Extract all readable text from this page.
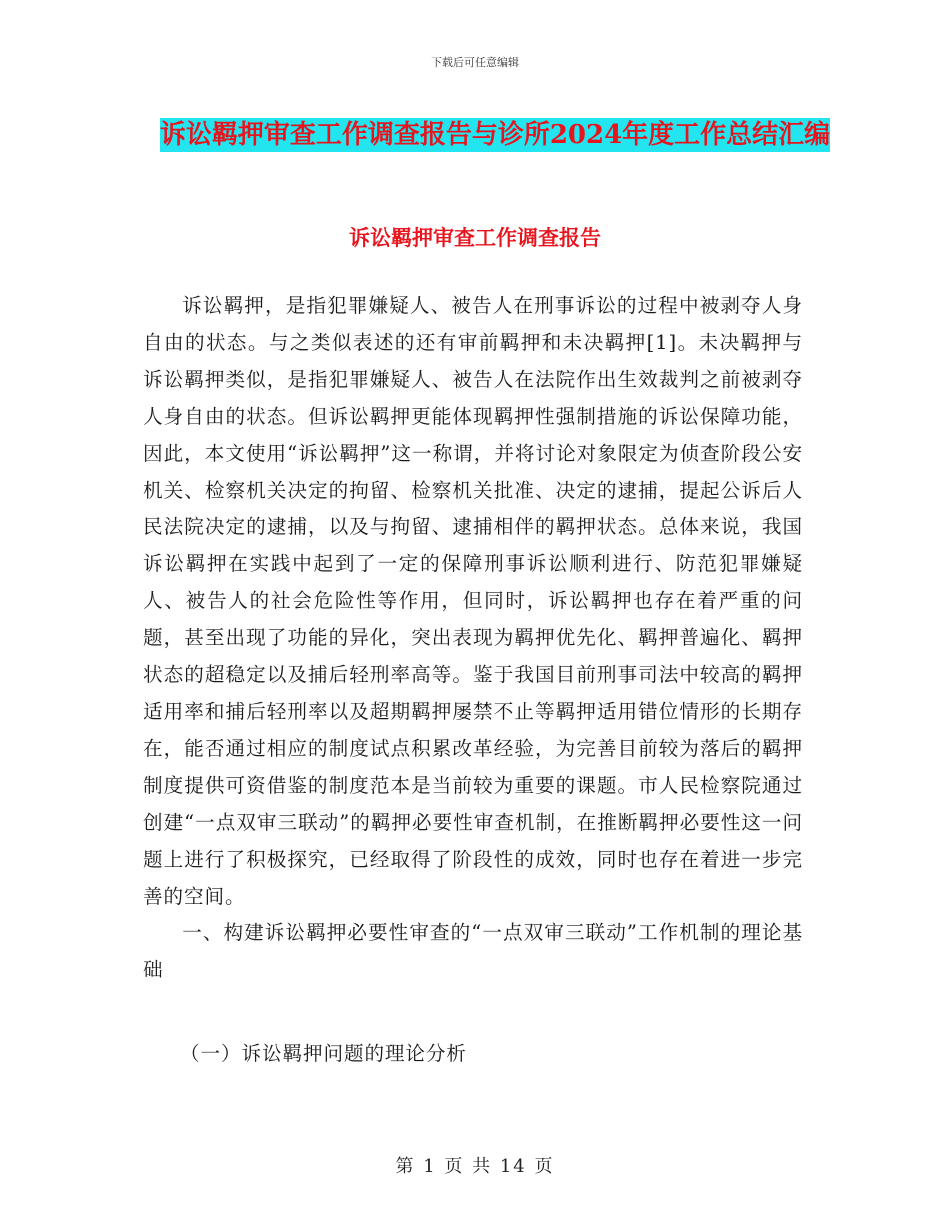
下载后可任意编辑
诉讼羁押审查工作调查报告与诊所2024年度工作总结汇编
诉讼羁押审查工作调查报告

诉讼羁押，是指犯罪嫌疑人、被告人在刑事诉讼的过程中被剥夺人身自由的状态。与之类似表述的还有审前羁押和未决羁押[1]。未决羁押与诉讼羁押类似，是指犯罪嫌疑人、被告人在法院作出生效裁判之前被剥夺人身自由的状态。但诉讼羁押更能体现羁押性强制措施的诉讼保障功能，因此，本文使用“诉讼羁押”这一称谓，并将讨论对象限定为侦查阶段公安机关、检察机关决定的拘留、检察机关批准、决定的逮捕，提起公诉后人民法院决定的逮捕，以及与拘留、逮捕相伴的羁押状态。总体来说，我国诉讼羁押在实践中起到了一定的保障刑事诉讼顺利进行、防范犯罪嫌疑人、被告人的社会危险性等作用，但同时，诉讼羁押也存在着严重的问题，甚至出现了功能的异化，突出表现为羁押优先化、羁押普遍化、羁押状态的超稳定以及捕后轻刑率高等。鉴于我国目前刑事司法中较高的羁押适用率和捕后轻刑率以及超期羁押屡禁不止等羁押适用错位情形的长期存在，能否通过相应的制度试点积累改革经验，为完善目前较为落后的羁押制度提供可资借鉴的制度范本是当前较为重要的课题。市人民检察院通过创建“一点双审三联动”的羁押必要性审查机制，在推断羁押必要性这一问题上进行了积极探究，已经取得了阶段性的成效，同时也存在着进一步完善的空间。

一、构建诉讼羁押必要性审查的“一点双审三联动”工作机制的理论基础

（一）诉讼羁押问题的理论分析
第 1 页 共 14 页
